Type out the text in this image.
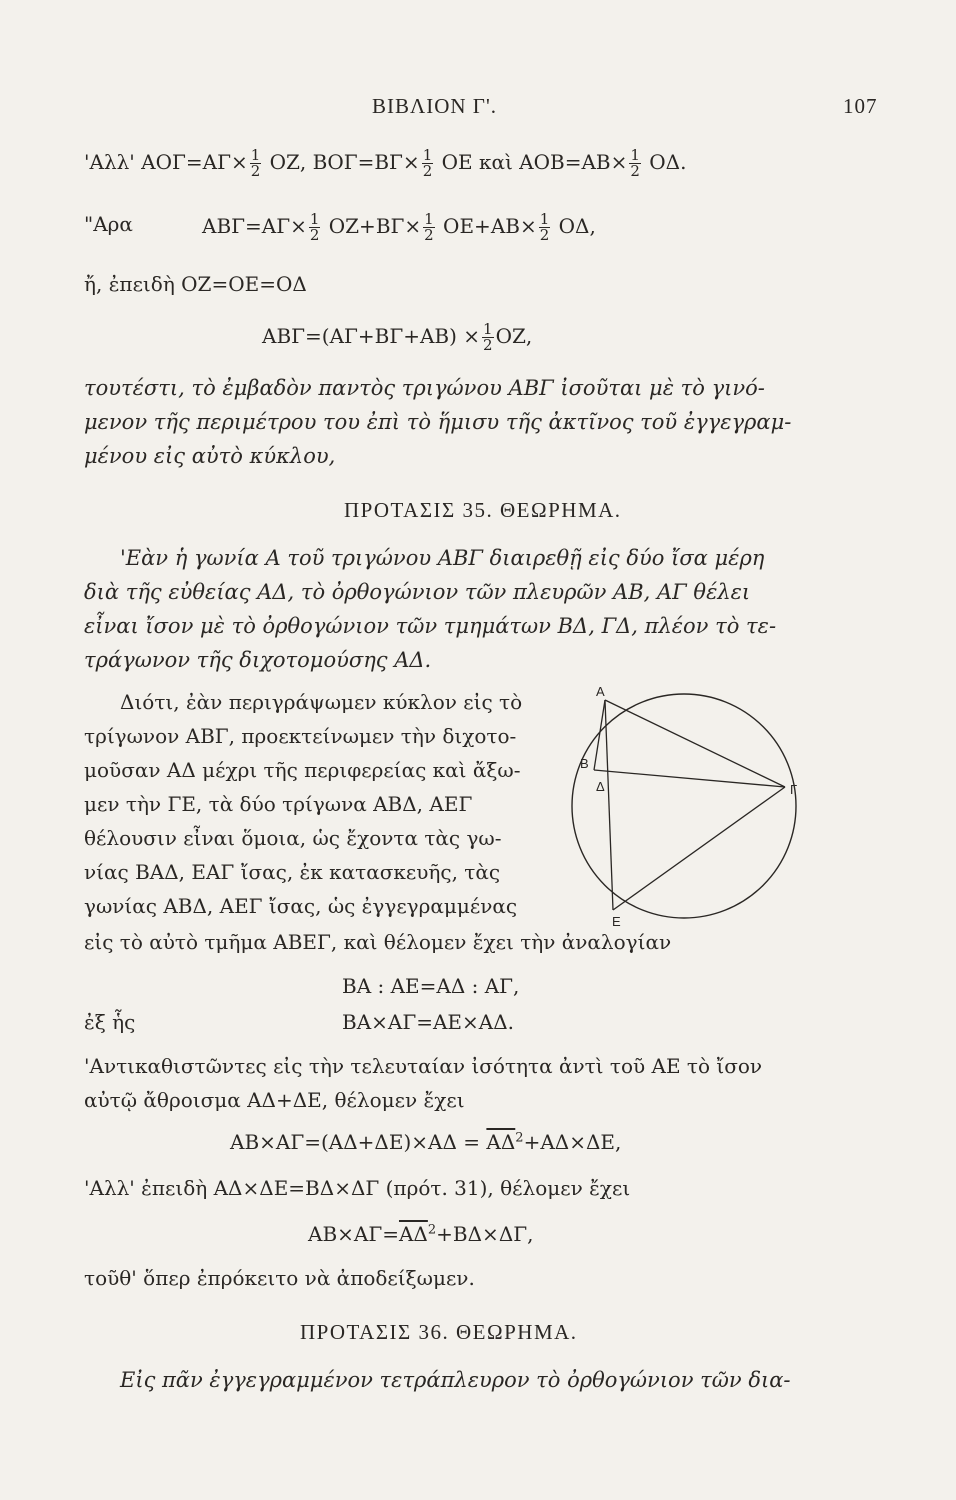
ΒΙΒΛΙΟΝ Γ'.	107
'Αλλ' $AO\Gamma=A\Gamma\times \frac{1}{2} OZ$, $BO\Gamma=B\Gamma\times \frac{1}{2}$ ΟΕ καὶ $AOB=AB\times \frac{1}{2} O\Delta$.
"Αρα	$AB\Gamma=A\Gamma\times \frac{1}{2} OZ+B\Gamma\times \frac{1}{2} OE+AB\times \frac{1}{2} O\Delta$,
ἤ, ἐπειδὴ ΟΖ=ΟΕ=ΟΔ
$AB\Gamma=(A\Gamma+B\Gamma+AB) \times \frac{1}{2} OZ$,
τουτέστι, τὸ ἐμβαδὸν παντὸς τριγώνου ΑΒΓ ἰσοῦται μὲ τὸ γινό-
μενον τῆς περιμέτρου του ἐπὶ τὸ ἥμισυ τῆς ἀκτῖνος τοῦ ἐγγεγραμ-
μένου εἰς αὐτὸ κύκλου,
ΠΡΟΤΑΣΙΣ 35. ΘΕΩΡΗΜΑ.
'Εὰν ἡ γωνία Α τοῦ τριγώνου ΑΒΓ διαιρεθῇ εἰς δύο ἴσα μέρη
διὰ τῆς εὐθείας ΑΔ, τὸ ὀρθογώνιον τῶν πλευρῶν ΑΒ, ΑΓ θέλει
εἶναι ἴσον μὲ τὸ ὀρθογώνιον τῶν τμημάτων ΒΔ, ΓΔ, πλέον τὸ τε-
τράγωνον τῆς διχοτομούσης ΑΔ.
Διότι, ἐὰν περιγράψωμεν κύκλον εἰς τὸ
τρίγωνον ΑΒΓ, προεκτείνωμεν τὴν διχοτο-
μοῦσαν ΑΔ μέχρι τῆς περιφερείας καὶ ἄξω-
μεν τὴν ΓΕ, τὰ δύο τρίγωνα ΑΒΔ, ΑΕΓ
θέλουσιν εἶναι ὅμοια, ὡς ἔχοντα τὰς γω-
νίας ΒΑΔ, ΕΑΓ ἴσας, ἐκ κατασκευῆς, τὰς
γωνίας ΑΒΔ, ΑΕΓ ἴσας, ὡς ἐγγεγραμμένας
Α
Β
Γ
Δ
Ε
εἰς τὸ αὐτὸ τμῆμα ΑΒΕΓ, καὶ θέλομεν ἔχει τὴν ἀναλογίαν
ΒΑ : ΑΕ=ΑΔ : ΑΓ,
ἐξ ἧς	ΒΑ×ΑΓ=ΑΕ×ΑΔ.
'Αντικαθιστῶντες εἰς τὴν τελευταίαν ἰσότητα ἀντὶ τοῦ ΑΕ τὸ ἴσον
αὐτῷ ἄθροισμα ΑΔ+ΔΕ, θέλομεν ἔχει
$AB\times A\Gamma=(A\Delta+\Delta E)\times A\Delta = \overline{A\Delta}^2+A\Delta\times\Delta E$,
'Αλλ' ἐπειδὴ ΑΔ×ΔΕ=ΒΔ×ΔΓ (πρότ. 31), θέλομεν ἔχει
$AB\times A\Gamma=\overline{A\Delta}^2+B\Delta\times\Delta\Gamma$,
τοῦθ' ὅπερ ἐπρόκειτο νὰ ἀποδείξωμεν.
ΠΡΟΤΑΣΙΣ 36. ΘΕΩΡΗΜΑ.
Εἰς πᾶν ἐγγεγραμμένον τετράπλευρον τὸ ὀρθογώνιον τῶν δια-
